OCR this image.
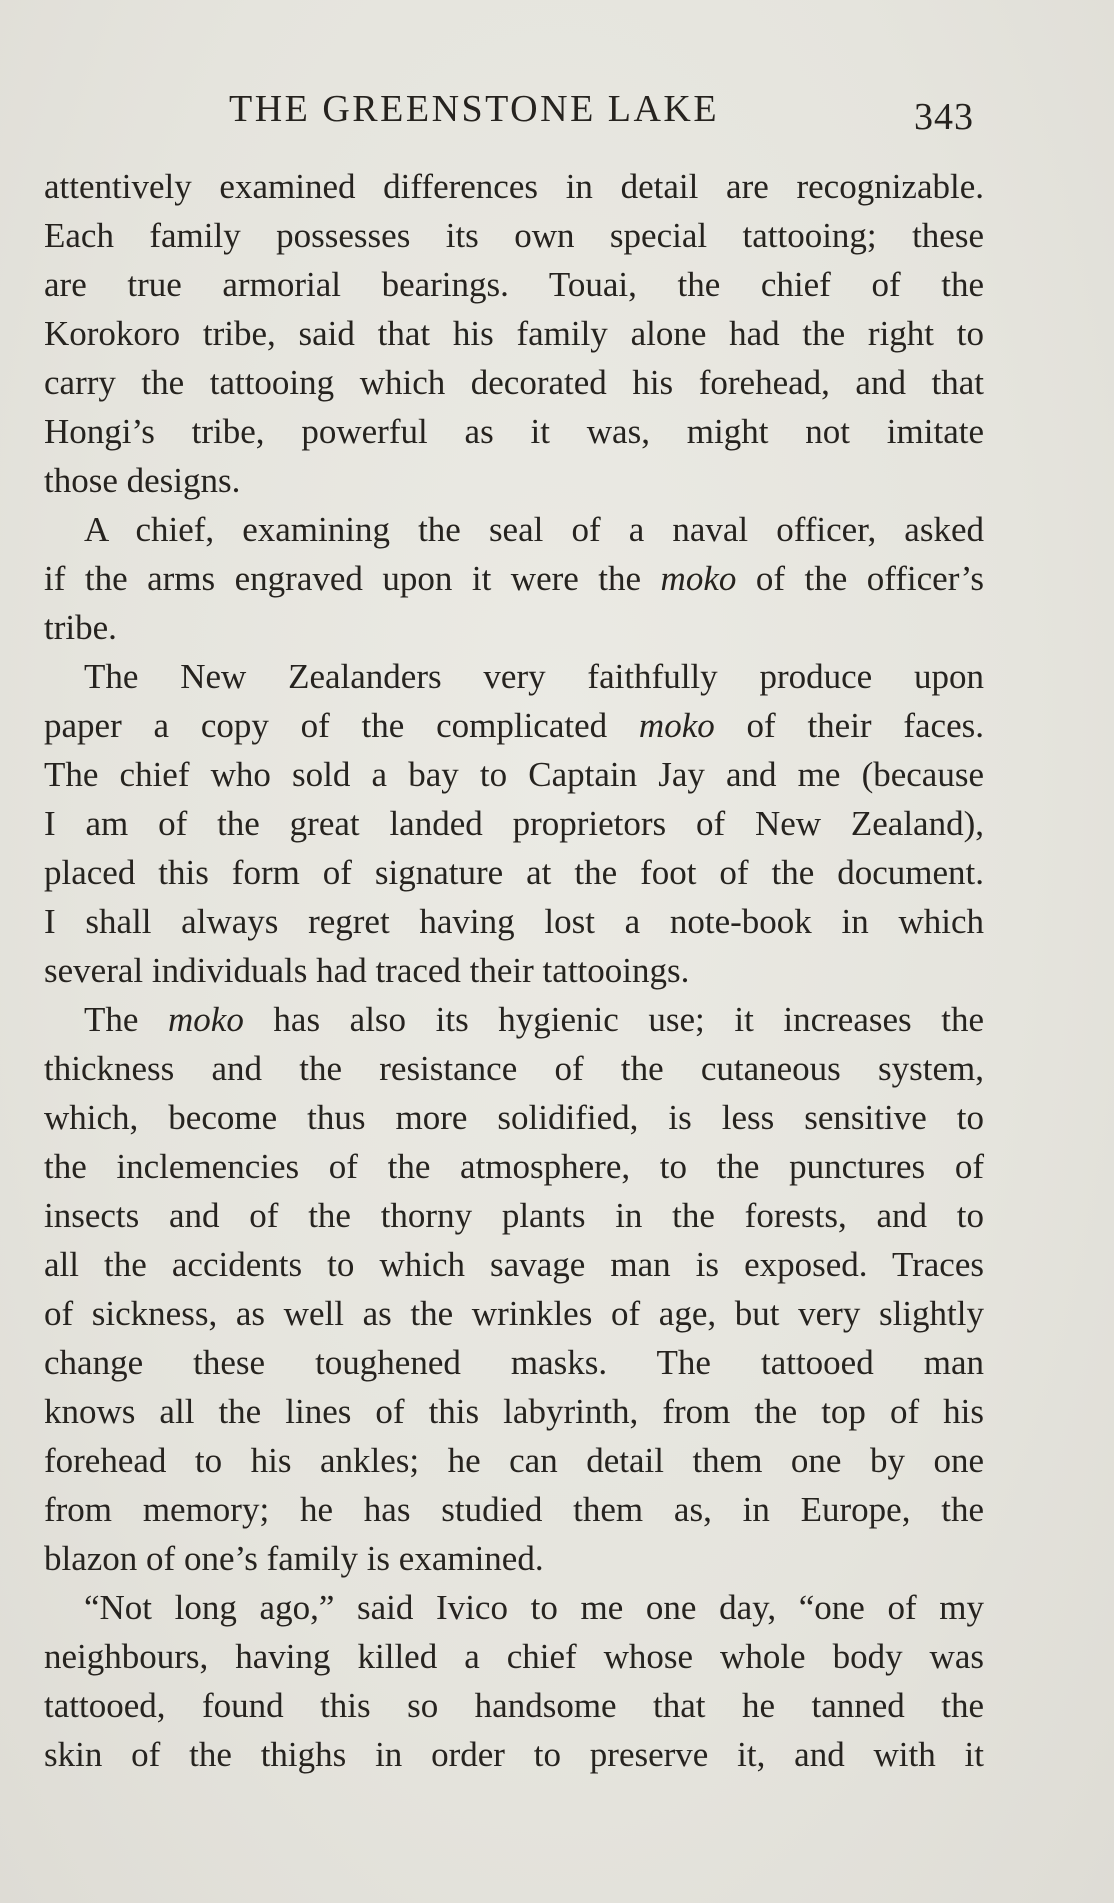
THE GREENSTONE LAKE	343
attentively examined differences in detail are recognizable.
Each family possesses its own special tattooing; these
are true armorial bearings. Touai, the chief of the
Korokoro tribe, said that his family alone had the right to
carry the tattooing which decorated his forehead, and that
Hongi’s tribe, powerful as it was, might not imitate
those designs.
A chief, examining the seal of a naval officer, asked
if the arms engraved upon it were the moko of the officer’s
tribe.
The New Zealanders very faithfully produce upon
paper a copy of the complicated moko of their faces.
The chief who sold a bay to Captain Jay and me (because
I am of the great landed proprietors of New Zealand),
placed this form of signature at the foot of the document.
I shall always regret having lost a note-book in which
several individuals had traced their tattooings.
The moko has also its hygienic use; it increases the
thickness and the resistance of the cutaneous system,
which, become thus more solidified, is less sensitive to
the inclemencies of the atmosphere, to the punctures of
insects and of the thorny plants in the forests, and to
all the accidents to which savage man is exposed. Traces
of sickness, as well as the wrinkles of age, but very slightly
change these toughened masks. The tattooed man
knows all the lines of this labyrinth, from the top of his
forehead to his ankles; he can detail them one by one
from memory; he has studied them as, in Europe, the
blazon of one’s family is examined.
“Not long ago,” said Ivico to me one day, “one of my
neighbours, having killed a chief whose whole body was
tattooed, found this so handsome that he tanned the
skin of the thighs in order to preserve it, and with it
